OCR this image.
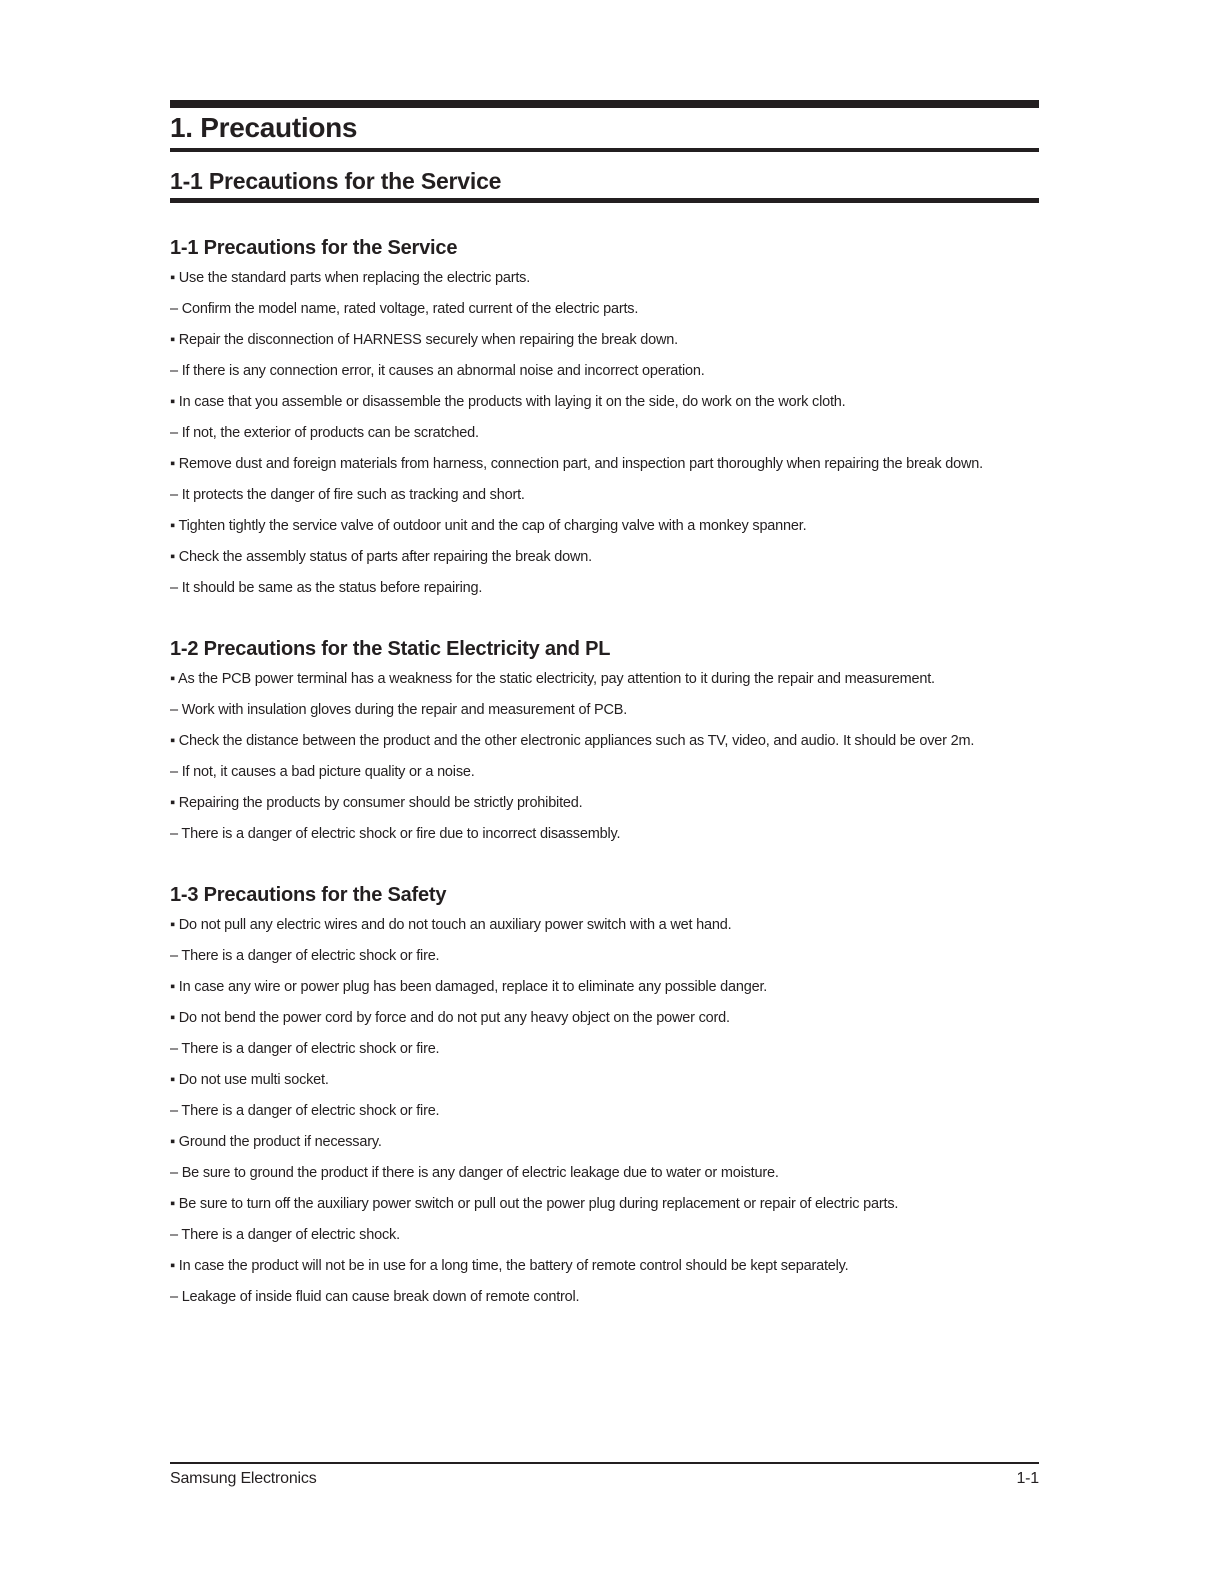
1. Precautions
1-1 Precautions for the Service
1-1 Precautions for the Service
▪ Use the standard parts when replacing the electric parts.
– Confirm the model name, rated voltage, rated current of the electric parts.
▪ Repair the disconnection of HARNESS securely when repairing the break down.
– If there is any connection error, it causes an abnormal noise and incorrect operation.
▪ In case that you assemble or disassemble the products with laying it on the side, do work on the work cloth.
– If not, the exterior of products can be scratched.
▪ Remove dust and foreign materials from harness, connection part, and inspection part thoroughly when repairing the break down.
– It protects the danger of fire such as tracking and short.
▪ Tighten tightly the service valve of outdoor unit and the cap of charging valve with a monkey spanner.
▪ Check the assembly status of parts after repairing the break down.
– It should be same as the status before repairing.
1-2 Precautions for the Static Electricity and PL
▪ As the PCB power terminal has a weakness for the static electricity, pay attention to it during the repair and measurement.
– Work with insulation gloves during the repair and measurement of PCB.
▪ Check the distance between the product and the other electronic appliances such as TV, video, and audio. It should be over 2m.
– If not, it causes a bad picture quality or a noise.
▪ Repairing the products by consumer should be strictly prohibited.
– There is a danger of electric shock or fire due to incorrect disassembly.
1-3 Precautions for the Safety
▪ Do not pull any electric wires and do not touch an auxiliary power switch with a wet hand.
– There is a danger of electric shock or fire.
▪ In case any wire or power plug has been damaged, replace it to eliminate any possible danger.
▪ Do not bend the power cord by force and do not put any heavy object on the power cord.
– There is a danger of electric shock or fire.
▪ Do not use multi socket.
– There is a danger of electric shock or fire.
▪ Ground the product if necessary.
– Be sure to ground the product if there is any danger of electric leakage due to water or moisture.
▪ Be sure to turn off the auxiliary power switch or pull out the power plug during replacement or repair of electric parts.
– There is a danger of electric shock.
▪ In case the product will not be in use for a long time, the battery of remote control should be kept separately.
– Leakage of inside fluid can cause break down of remote control.
Samsung Electronics	1-1
